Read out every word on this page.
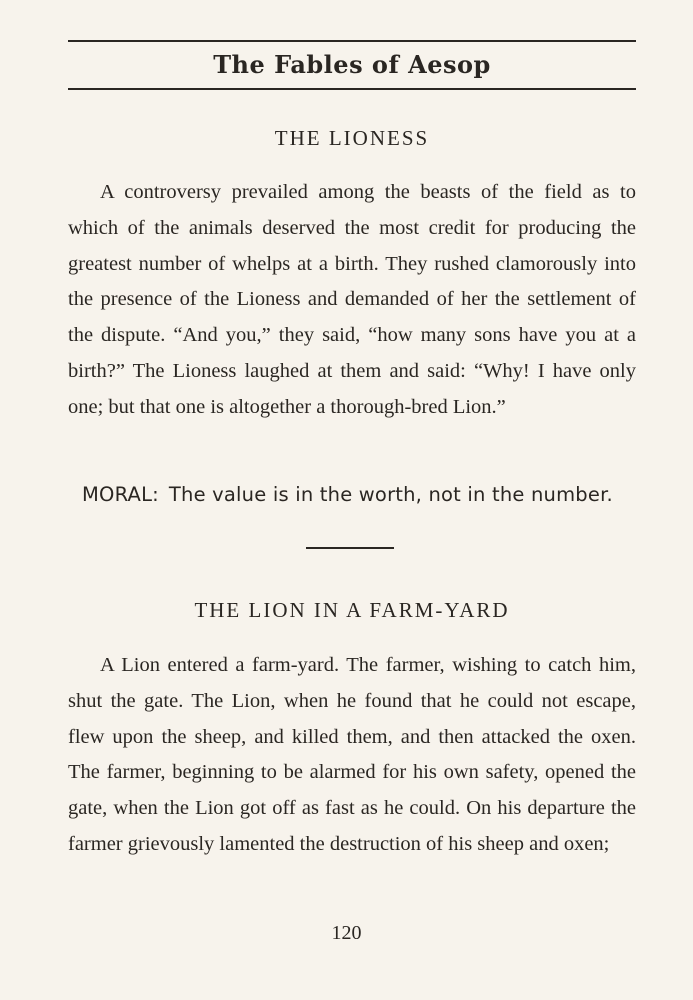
The Fables of Aesop
THE LIONESS

A controversy prevailed among the beasts of the field as to which of the animals deserved the most credit for producing the greatest number of whelps at a birth. They rushed clamorously into the presence of the Lioness and demanded of her the settlement of the dispute. “And you,” they said, “how many sons have you at a birth?” The Lioness laughed at them and said: “Why! I have only one; but that one is altogether a thorough-bred Lion.”

MORAL: The value is in the worth, not in the number.
THE LION IN A FARM-YARD

A Lion entered a farm-yard. The farmer, wishing to catch him, shut the gate. The Lion, when he found that he could not escape, flew upon the sheep, and killed them, and then attacked the oxen. The farmer, beginning to be alarmed for his own safety, opened the gate, when the Lion got off as fast as he could. On his departure the farmer grievously lamented the destruction of his sheep and oxen;

120
